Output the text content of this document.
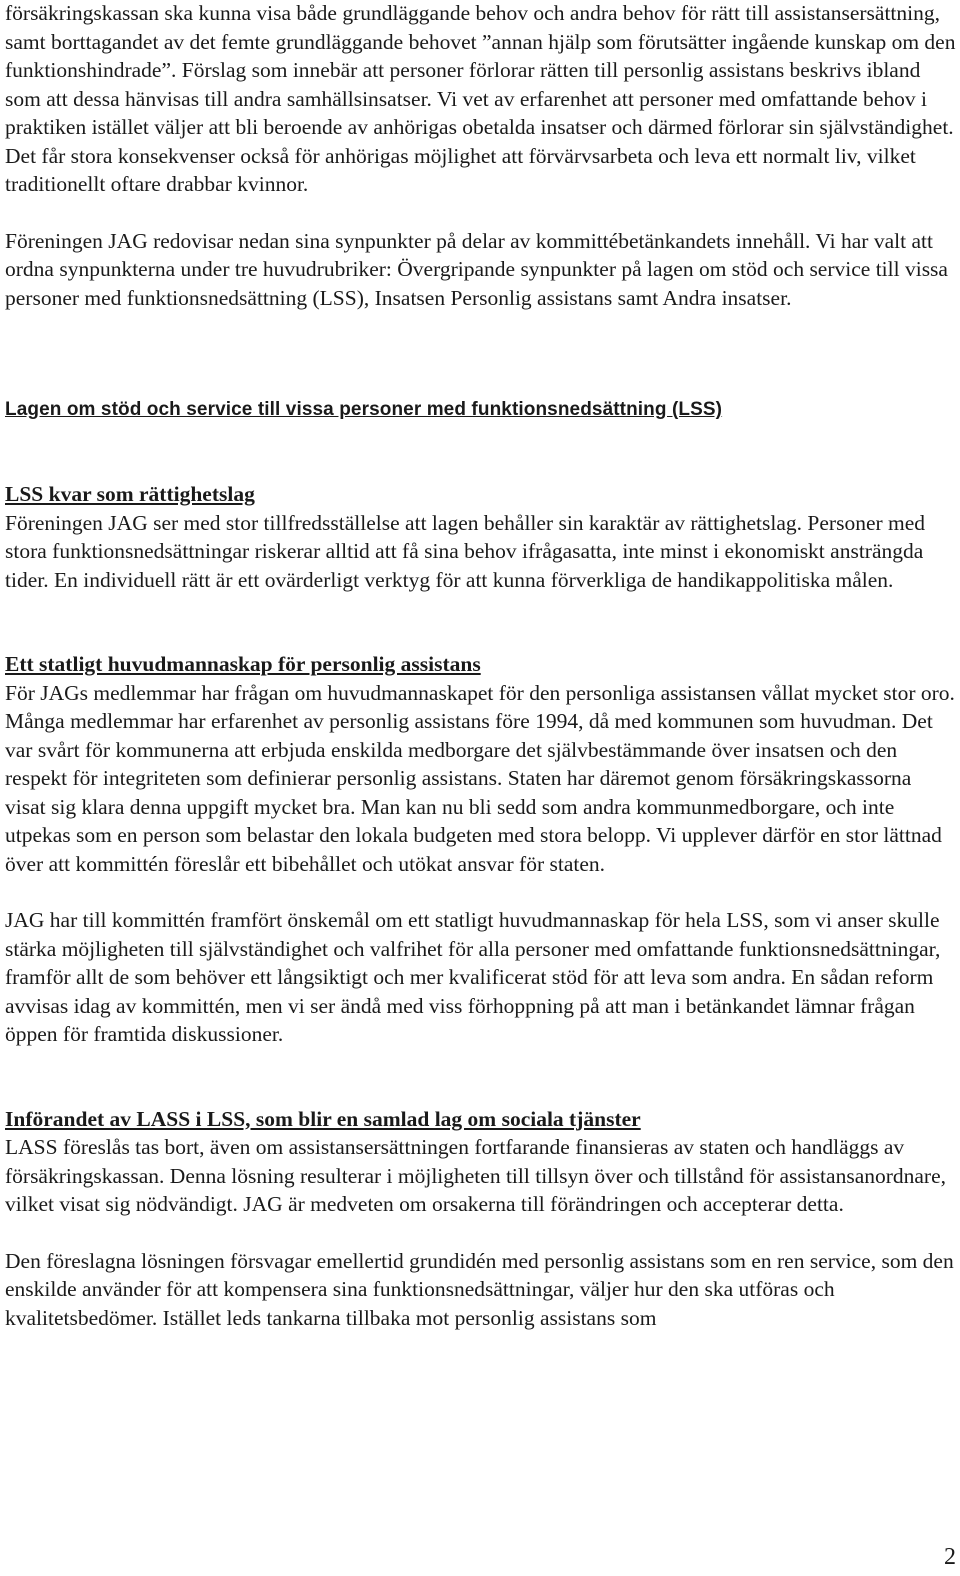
försäkringskassan ska kunna visa både grundläggande behov och andra behov för rätt till assistansersättning, samt borttagandet av det femte grundläggande behovet ”annan hjälp som förutsätter ingående kunskap om den funktionshindrade”. Förslag som innebär att personer förlorar rätten till personlig assistans beskrivs ibland som att dessa hänvisas till andra samhällsinsatser. Vi vet av erfarenhet att personer med omfattande behov i praktiken istället väljer att bli beroende av anhörigas obetalda insatser och därmed förlorar sin självständighet. Det får stora konsekvenser också för anhörigas möjlighet att förvärvsarbeta och leva ett normalt liv, vilket traditionellt oftare drabbar kvinnor.

Föreningen JAG redovisar nedan sina synpunkter på delar av kommittébetänkandets innehåll. Vi har valt att ordna synpunkterna under tre huvudrubriker: Övergripande synpunkter på lagen om stöd och service till vissa personer med funktionsnedsättning (LSS), Insatsen Personlig assistans samt Andra insatser.

Lagen om stöd och service till vissa personer med funktionsnedsättning (LSS)
LSS kvar som rättighetslag

Föreningen JAG ser med stor tillfredsställelse att lagen behåller sin karaktär av rättighetslag. Personer med stora funktionsnedsättningar riskerar alltid att få sina behov ifrågasatta, inte minst i ekonomiskt ansträngda tider. En individuell rätt är ett ovärderligt verktyg för att kunna förverkliga de handikappolitiska målen.

Ett statligt huvudmannaskap för personlig assistans

För JAGs medlemmar har frågan om huvudmannaskapet för den personliga assistansen vållat mycket stor oro. Många medlemmar har erfarenhet av personlig assistans före 1994, då med kommunen som huvudman. Det var svårt för kommunerna att erbjuda enskilda medborgare det självbestämmande över insatsen och den respekt för integriteten som definierar personlig assistans. Staten har däremot genom försäkringskassorna visat sig klara denna uppgift mycket bra. Man kan nu bli sedd som andra kommunmedborgare, och inte utpekas som en person som belastar den lokala budgeten med stora belopp. Vi upplever därför en stor lättnad över att kommittén föreslår ett bibehållet och utökat ansvar för staten.

JAG har till kommittén framfört önskemål om ett statligt huvudmannaskap för hela LSS, som vi anser skulle stärka möjligheten till självständighet och valfrihet för alla personer med omfattande funktionsnedsättningar, framför allt de som behöver ett långsiktigt och mer kvalificerat stöd för att leva som andra. En sådan reform avvisas idag av kommittén, men vi ser ändå med viss förhoppning på att man i betänkandet lämnar frågan öppen för framtida diskussioner.

Införandet av LASS i LSS, som blir en samlad lag om sociala tjänster

LASS föreslås tas bort, även om assistansersättningen fortfarande finansieras av staten och handläggs av försäkringskassan. Denna lösning resulterar i möjligheten till tillsyn över och tillstånd för assistansanordnare, vilket visat sig nödvändigt. JAG är medveten om orsakerna till förändringen och accepterar detta.

Den föreslagna lösningen försvagar emellertid grundidén med personlig assistans som en ren service, som den enskilde använder för att kompensera sina funktionsnedsättningar, väljer hur den ska utföras och kvalitetsbedömer. Istället leds tankarna tillbaka mot personlig assistans som

2
